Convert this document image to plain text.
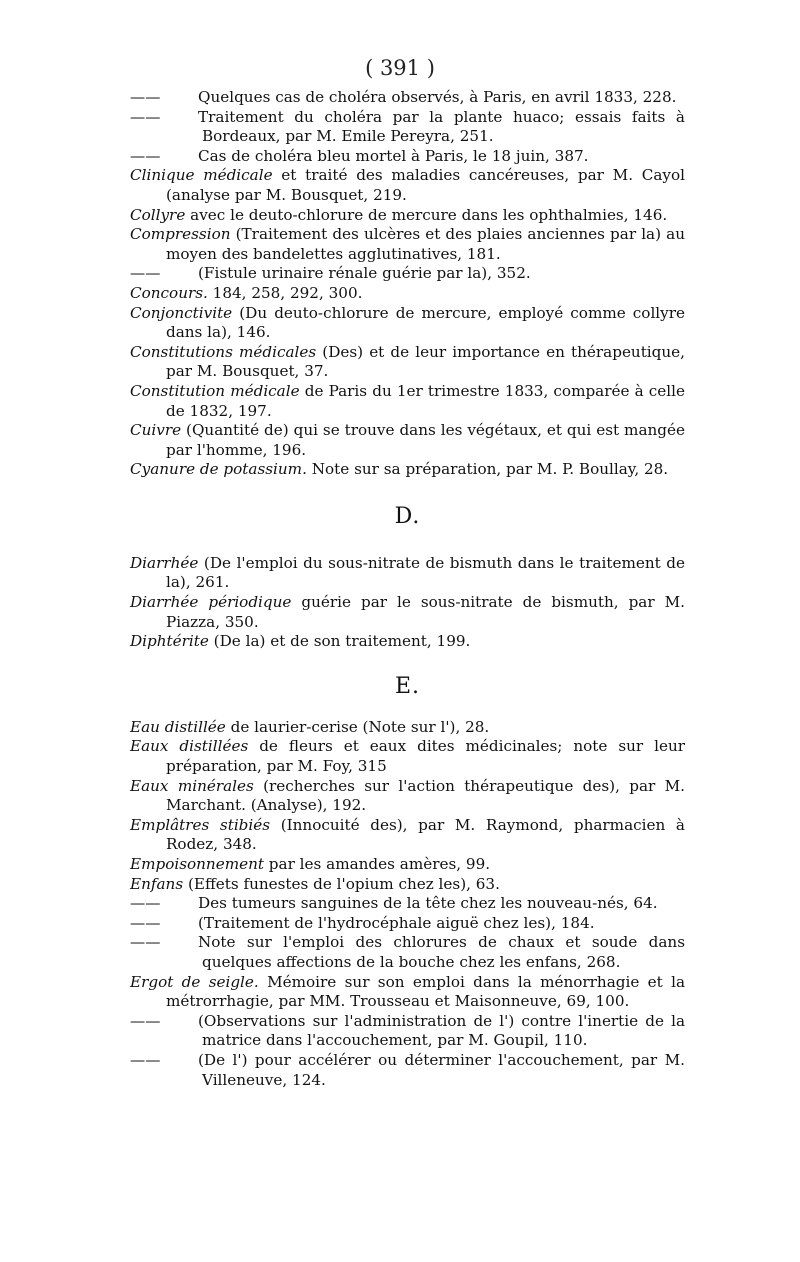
( 391 )

—— Quelques cas de choléra observés, à Paris, en avril 1833, 228.

—— Traitement du choléra par la plante huaco; essais faits à Bordeaux, par M. Emile Pereyra, 251.

—— Cas de choléra bleu mortel à Paris, le 18 juin, 387.

Clinique médicale et traité des maladies cancéreuses, par M. Cayol (analyse par M. Bousquet, 219.

Collyre avec le deuto-chlorure de mercure dans les ophthalmies, 146.

Compression (Traitement des ulcères et des plaies anciennes par la) au moyen des bandelettes agglutinatives, 181.

—— (Fistule urinaire rénale guérie par la), 352.

Concours. 184, 258, 292, 300.

Conjonctivite (Du deuto-chlorure de mercure, employé comme collyre dans la), 146.

Constitutions médicales (Des) et de leur importance en thérapeutique, par M. Bousquet, 37.

Constitution médicale de Paris du 1er trimestre 1833, comparée à celle de 1832, 197.

Cuivre (Quantité de) qui se trouve dans les végétaux, et qui est mangée par l'homme, 196.

Cyanure de potassium. Note sur sa préparation, par M. P. Boullay, 28.

D.

Diarrhée (De l'emploi du sous-nitrate de bismuth dans le traitement de la), 261.

Diarrhée périodique guérie par le sous-nitrate de bismuth, par M. Piazza, 350.

Diphtérite (De la) et de son traitement, 199.

E.

Eau distillée de laurier-cerise (Note sur l'), 28.

Eaux distillées de fleurs et eaux dites médicinales; note sur leur préparation, par M. Foy, 315

Eaux minérales (recherches sur l'action thérapeutique des), par M. Marchant. (Analyse), 192.

Emplâtres stibiés (Innocuité des), par M. Raymond, pharmacien à Rodez, 348.

Empoisonnement par les amandes amères, 99.

Enfans (Effets funestes de l'opium chez les), 63.

—— Des tumeurs sanguines de la tête chez les nouveau-nés, 64.

—— (Traitement de l'hydrocéphale aiguë chez les), 184.

—— Note sur l'emploi des chlorures de chaux et soude dans quelques affections de la bouche chez les enfans, 268.

Ergot de seigle. Mémoire sur son emploi dans la ménorrhagie et la métrorrhagie, par MM. Trousseau et Maisonneuve, 69, 100.

—— (Observations sur l'administration de l') contre l'inertie de la matrice dans l'accouchement, par M. Goupil, 110.

—— (De l') pour accélérer ou déterminer l'accouchement, par M. Villeneuve, 124.
